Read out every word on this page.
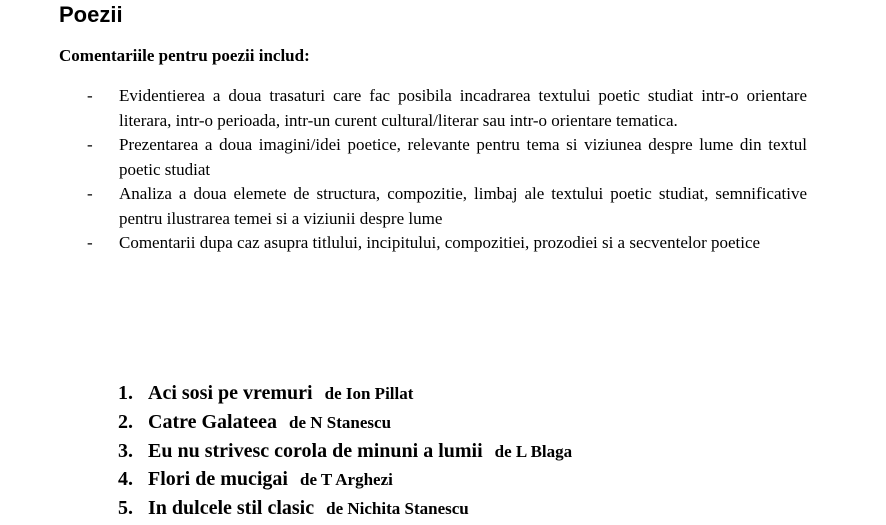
Poezii

Comentariile pentru poezii includ:

- Evidentierea a doua trasaturi care fac posibila incadrarea textului poetic studiat intr-o orientare literara, intr-o perioada, intr-un curent cultural/literar sau intr-o orientare tematica.
- Prezentarea a doua imagini/idei poetice, relevante pentru tema si viziunea despre lume din textul poetic studiat
- Analiza a doua elemete de structura, compozitie, limbaj ale textului poetic studiat, semnificative pentru ilustrarea temei si a viziunii despre lume
- Comentarii dupa caz asupra titlului, incipitului, compozitiei, prozodiei si a secventelor poetice
1. Aci sosi pe vremuri de Ion Pillat
2. Catre Galateea de N Stanescu
3. Eu nu strivesc corola de minuni a lumii de L Blaga
4. Flori de mucigai de T Arghezi
5. In dulcele stil clasic de Nichita Stanescu
